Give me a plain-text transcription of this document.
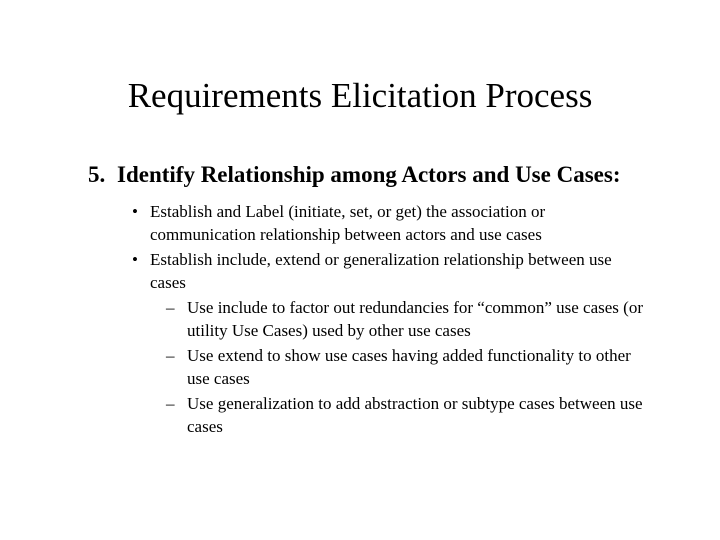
Requirements Elicitation Process
5. Identify Relationship among Actors and Use Cases:
• Establish and Label (initiate, set, or get) the association or communication relationship between actors and use cases
• Establish include, extend or generalization relationship between use cases
– Use include to factor out redundancies for “common” use cases (or utility Use Cases) used by other use cases
– Use extend to show use cases having added functionality to other use cases
– Use generalization to add abstraction or subtype cases between use cases
